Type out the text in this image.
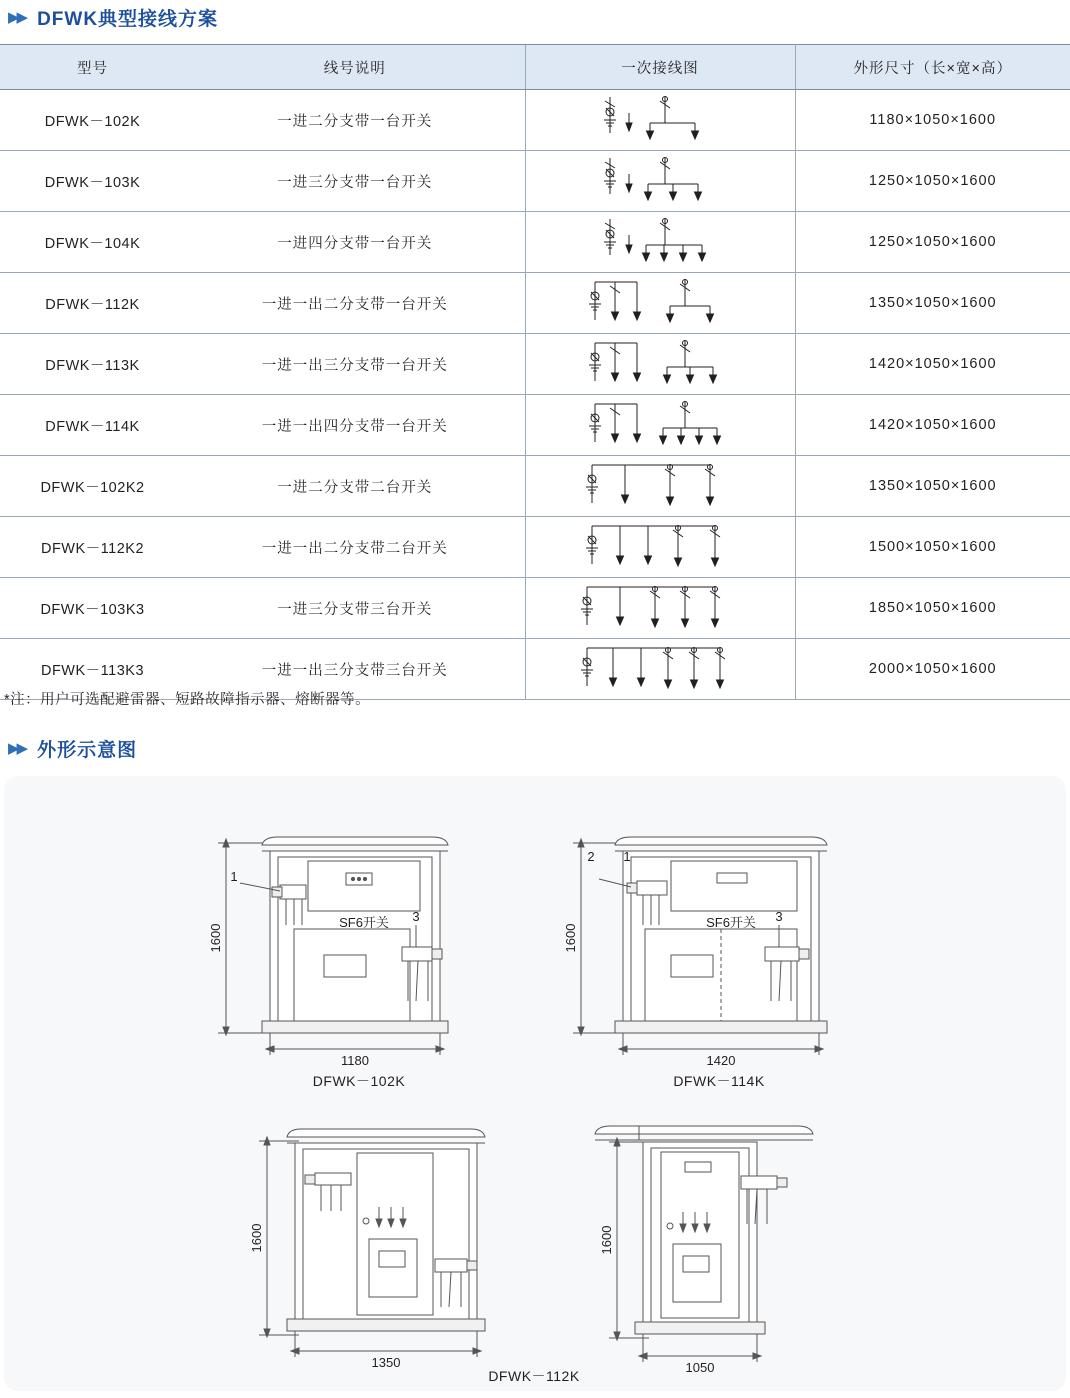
▶▶ DFWK典型接线方案
型号	线号说明	一次接线图	外形尺寸（长×宽×高）
DFWK－102K	一进二分支带一台开关		1180×1050×1600
DFWK－103K	一进三分支带一台开关		1250×1050×1600
DFWK－104K	一进四分支带一台开关		1250×1050×1600
DFWK－112K	一进一出二分支带一台开关		1350×1050×1600
DFWK－113K	一进一出三分支带一台开关		1420×1050×1600
DFWK－114K	一进一出四分支带一台开关		1420×1050×1600
DFWK－102K2	一进二分支带二台开关		1350×1050×1600
DFWK－112K2	一进一出二分支带二台开关		1500×1050×1600
DFWK－103K3	一进三分支带三台开关		1850×1050×1600
DFWK－113K3	一进一出三分支带三台开关		2000×1050×1600
*注：用户可选配避雷器、短路故障指示器、熔断器等。
▶▶ 外形示意图
1600
1180
1
3
SF6开关
DFWK－102K
1600
1420
2 1
3
SF6开关
DFWK－114K
1600
1350
1600
1050
DFWK－112K
